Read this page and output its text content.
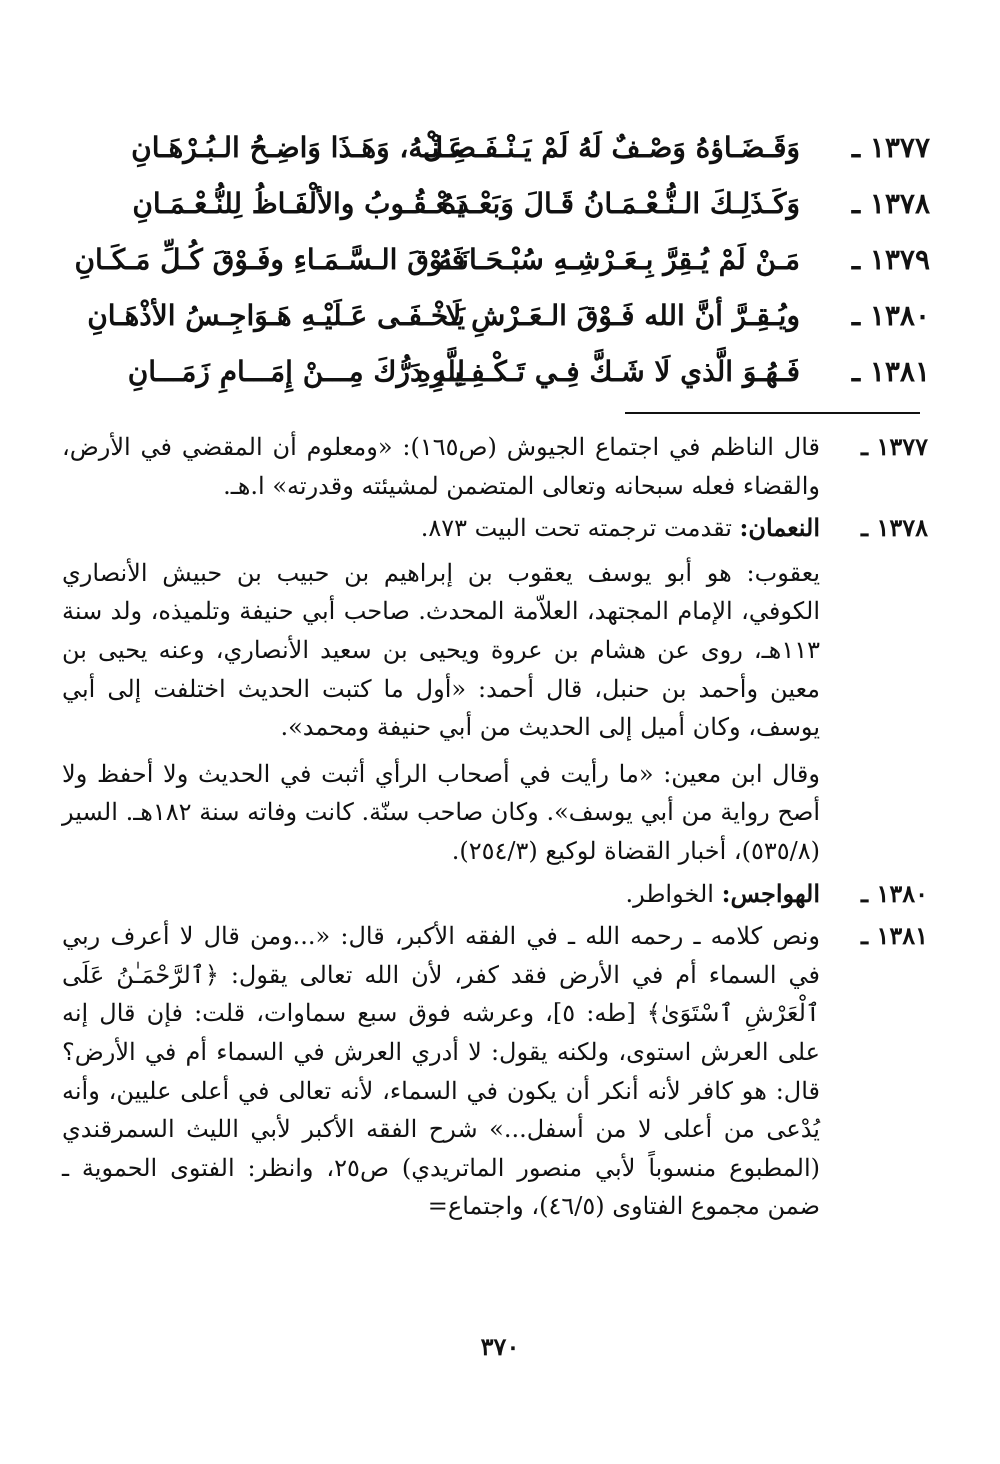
١٣٧٧ ـ
وَقَـضَـاؤهُ وَصْـفٌ لَهُ لَمْ يَـنْـفَـصِـلْ
عَـنْـهُ، وَهَـذَا وَاضِـحُ الـبُـرْهَـانِ
١٣٧٨ ـ
وَكَـذَلِـكَ الـنُّـعْـمَـانُ قَـالَ وَبَعْـدَهُ
يَـعْـقُـوبُ والألْفَـاظُ لِلنُّـعْـمَـانِ
١٣٧٩ ـ
مَـنْ لَمْ يُـقِرَّ بِـعَـرْشِـهِ سُبْـحَـانَـهُ
فَـوْقَ الـسَّـمَـاءِ وفَـوْقَ كُـلِّ مَـكَـانِ
١٣٨٠ ـ
ويُـقِـرَّ أنَّ الله فَـوْقَ الـعَـرْشِ لَا
يَـخْـفَـى عَـلَيْـهِ هَـوَاجِـسُ الأذْهَـانِ
١٣٨١ ـ
فَـهُـوَ الَّذي لَا شَـكَّ فِـي تَـكْـفِـيـرِهِ
لِلَّهِ دَرُّكَ مِـــنْ إِمَـــامِ زَمَـــانِ

١٣٧٧ ـ
قال الناظم في اجتماع الجيوش (ص١٦٥): «ومعلوم أن المقضي في الأرض، والقضاء فعله سبحانه وتعالى المتضمن لمشيئته وقدرته» ا.هـ.

١٣٧٨ ـ
النعمان: تقدمت ترجمته تحت البيت ٨٧٣.

يعقوب: هو أبو يوسف يعقوب بن إبراهيم بن حبيب بن حبيش الأنصاري الكوفي، الإمام المجتهد، العلاّمة المحدث. صاحب أبي حنيفة وتلميذه، ولد سنة ١١٣هـ، روى عن هشام بن عروة ويحيى بن سعيد الأنصاري، وعنه يحيى بن معين وأحمد بن حنبل، قال أحمد: «أول ما كتبت الحديث اختلفت إلى أبي يوسف، وكان أميل إلى الحديث من أبي حنيفة ومحمد».

وقال ابن معين: «ما رأيت في أصحاب الرأي أثبت في الحديث ولا أحفظ ولا أصح رواية من أبي يوسف». وكان صاحب سنّة. كانت وفاته سنة ١٨٢هـ. السير (٥٣٥/٨)، أخبار القضاة لوكيع (٢٥٤/٣).

١٣٨٠ ـ
الهواجس: الخواطر.

١٣٨١ ـ
ونص كلامه ـ رحمه الله ـ في الفقه الأكبر، قال: «...ومن قال لا أعرف ربي في السماء أم في الأرض فقد كفر، لأن الله تعالى يقول: ﴿ٱلرَّحْمَـٰنُ عَلَى ٱلْعَرْشِ ٱسْتَوَىٰ﴾ [طه: ٥]، وعرشه فوق سبع سماوات، قلت: فإن قال إنه على العرش استوى، ولكنه يقول: لا أدري العرش في السماء أم في الأرض؟ قال: هو كافر لأنه أنكر أن يكون في السماء، لأنه تعالى في أعلى عليين، وأنه يُدْعى من أعلى لا من أسفل...» شرح الفقه الأكبر لأبي الليث السمرقندي (المطبوع منسوباً لأبي منصور الماتريدي) ص٢٥، وانظر: الفتوى الحموية ـ ضمن مجموع الفتاوى (٤٦/٥)، واجتماع=

٣٧٠
